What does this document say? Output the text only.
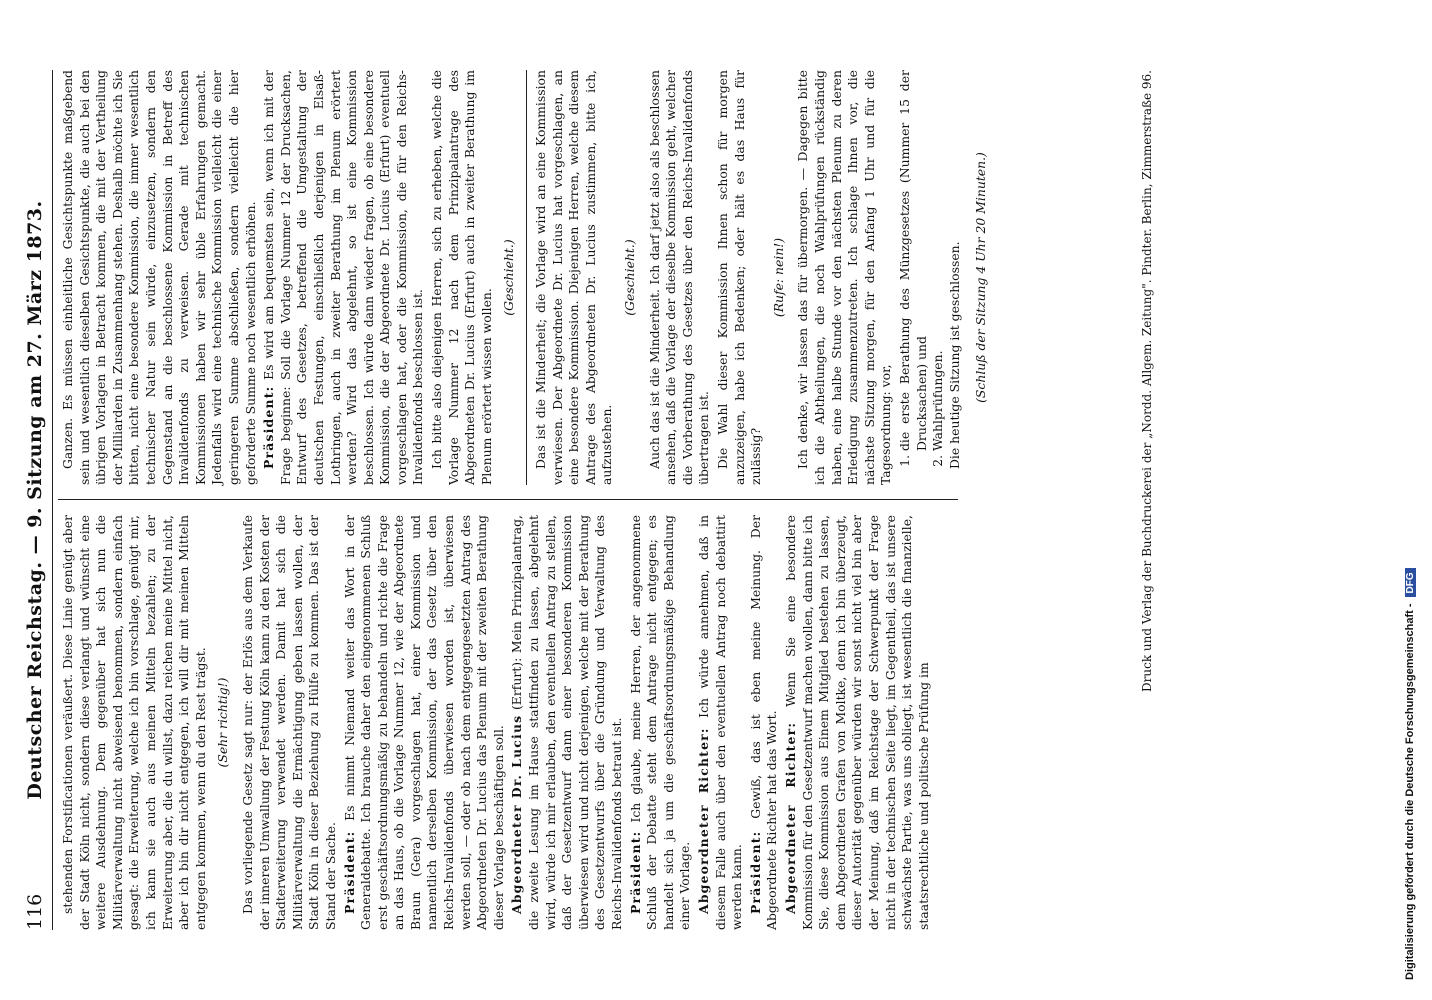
116
Deutscher Reichstag. — 9. Sitzung am 27. März 1873.
stehenden Forstificationen veräußert. Diese Linie genügt aber der Stadt Köln nicht, sondern diese verlangt und wünscht eine weitere Ausdehnung. Dem gegenüber hat sich nun die Militärverwaltung nicht abweisend benommen, sondern einfach gesagt: die Erweiterung, welche ich bin vorschlage, genügt mir, ich kann sie auch aus meinen Mitteln bezahlen; zu der Erweiterung aber, die du willst, dazu reichen meine Mittel nicht, aber ich bin dir nicht entgegen, ich will dir mit meinen Mitteln entgegen kommen, wenn du den Rest trägst. (Sehr richtig!) Das vorliegende Gesetz sagt nur: der Erlös aus dem Verkaufe der inneren Umwallung der Festung Köln kann zu den Kosten der Stadterweiterung verwendet werden. Damit hat sich die Militärverwaltung die Ermächtigung geben lassen wollen, der Stadt Köln in dieser Beziehung zu Hülfe zu kommen. Das ist der Stand der Sache. Präsident: Es nimmt Niemand weiter das Wort in der Generaldebatte. Ich brauche daher den eingenommenen Schluß erst geschäftsordnungsmäßig zu behandeln und richte die Frage an das Haus, ob die Vorlage Nummer 12, wie der Abgeordnete Braun (Gera) vorgeschlagen hat, einer Kommission und namentlich derselben Kommission, der das Gesetz über den Reichs-Invalidenfonds überwiesen worden ist, überwiesen werden soll, — oder ob nach dem entgegengesetzten Antrag des Abgeordneten Dr. Lucius das Plenum mit der zweiten Berathung dieser Vorlage beschäftigen soll. Abgeordneter Dr. Lucius (Erfurt): Mein Prinzipalantrag, die zweite Lesung im Hause stattfinden zu lassen, abgelehnt wird, würde ich mir erlauben, den eventuellen Antrag zu stellen, daß der Gesetzentwurf dann einer besonderen Kommission überwiesen wird und nicht derjenigen, welche mit der Berathung des Gesetzentwurfs über die Gründung und Verwaltung des Reichs-Invalidenfonds betraut ist. Präsident: Ich glaube, meine Herren, der angenommene Schluß der Debatte steht dem Antrage nicht entgegen; es handelt sich ja um die geschäftsordnungsmäßige Behandlung einer Vorlage. Abgeordneter Richter: Ich würde annehmen, daß in diesem Falle auch über den eventuellen Antrag noch debattirt werden kann. Präsident: Gewiß, das ist eben meine Meinung. Der Abgeordnete Richter hat das Wort. Abgeordneter Richter: Wenn Sie eine besondere Kommission für den Gesetzentwurf machen wollen, dann bitte ich Sie, diese Kommission aus Einem Mitglied bestehen zu lassen, dem Abgeordneten Grafen von Moltke, denn ich bin überzeugt, dieser Autorität gegenüber würden wir sonst nicht viel bin aber der Meinung, daß im Reichstage der Schwerpunkt der Frage nicht in der technischen Seite liegt, im Gegentheil, das ist unsere schwächste Partie, was uns obliegt, ist wesentlich die finanzielle, staatsrechtliche und politische Prüfung im
Ganzen. Es müssen einheitliche Gesichtspunkte maßgebend sein und wesentlich dieselben Gesichtspunkte, die auch bei den übrigen Vorlagen in Betracht kommen, die mit der Vertheilung der Milliarden in Zusammenhang stehen. Deshalb möchte ich Sie bitten, nicht eine besondere Kommission, die immer wesentlich technischer Natur sein würde, einzusetzen, sondern den Gegenstand an die beschlossene Kommission in Betreff des Invalidenfonds zu verweisen. Gerade mit technischen Kommissionen haben wir sehr üble Erfahrungen gemacht. Jedenfalls wird eine technische Kommission vielleicht die einer geringeren Summe abschließen, sondern vielleicht die hier geforderte Summe noch wesentlich erhöhen. Präsident: Es wird am bequemsten sein, wenn ich mit der Frage beginne: Soll die Vorlage Nummer 12 der Drucksachen, Entwurf des Gesetzes, betreffend die Umgestaltung der deutschen Festungen, einschließlich derjenigen in Elsaß-Lothringen, auch in zweiter Berathung im Plenum erörtert werden? Wird das abgelehnt, so ist eine Kommission beschlossen. Ich würde dann wieder fragen, ob eine besondere Kommission, die der Abgeordnete Dr. Lucius (Erfurt) eventuell vorgeschlagen hat, oder die Kommission, die für den Reichs-Invalidenfonds beschlossen ist. Ich bitte also diejenigen Herren, sich zu erheben, welche die Vorlage Nummer 12 nach dem Prinzipalantrage des Abgeordneten Dr. Lucius (Erfurt) auch in zweiter Berathung im Plenum erörtert wissen wollen.
(Geschieht.) Das ist die Minderheit; die Vorlage wird an eine Kommission verwiesen. Der Abgeordnete Dr. Lucius hat vorgeschlagen, an eine besondere Kommission. Diejenigen Herren, welche diesem Antrage des Abgeordneten Dr. Lucius zustimmen, bitte ich, aufzustehen.
(Geschieht.) Auch das ist die Minderheit. Ich darf jetzt also als beschlossen ansehen, daß die Vorlage der dieselbe Kommission geht, welcher die Vorberathung des Gesetzes über den Reichs-Invalidenfonds übertragen ist. Die Wahl dieser Kommission Ihnen schon für morgen anzuzeigen, habe ich Bedenken; oder hält es das Haus für zulässig?
(Rufe: nein!) Ich denke, wir lassen das für übermorgen. — Dagegen bitte ich die Abtheilungen, die noch Wahlprüfungen rückständig haben, eine halbe Stunde vor den nächsten Plenum zu deren Erledigung zusammenzutreten. Ich schlage Ihnen vor, die nächste Sitzung morgen, für den Anfang 1 Uhr und für die Tagesordnung: vor, 1. die erste Berathung des Münzgesetzes (Nummer 15 der Drucksachen) und 2. Wahlprüfungen. Die heutige Sitzung ist geschlossen. (Schluß der Sitzung 4 Uhr 20 Minuten.)	Druck und Verlag der Buchdruckerei der „Nordd. Allgem. Zeitung". Pindter. Berlin, Zimmerstraße 96.
Digitalisierung gefördert durch die Deutsche Forschungsgemeinschaft -DFG
